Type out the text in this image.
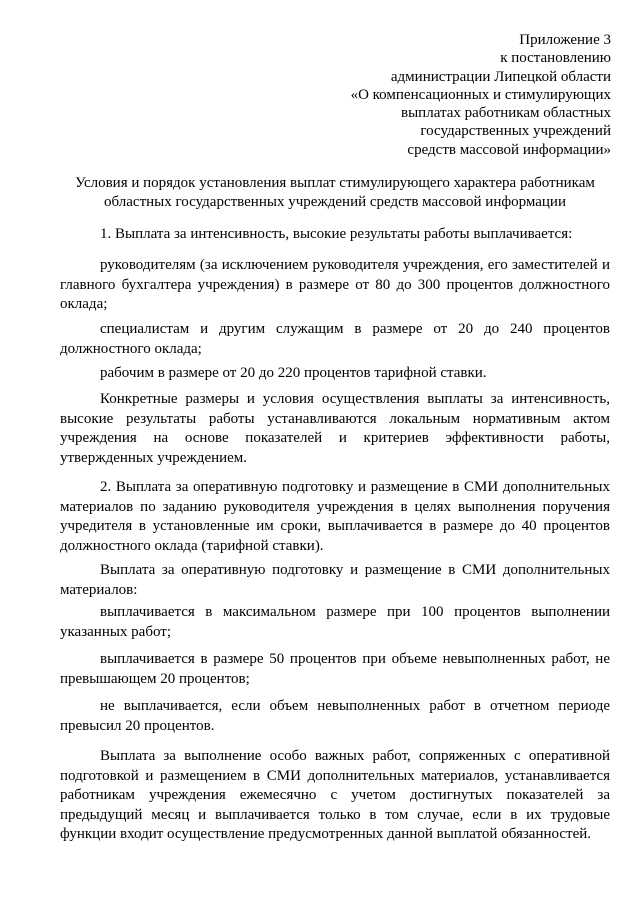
Приложение 3
к постановлению
администрации Липецкой области
«О компенсационных и стимулирующих
выплатах работникам областных
государственных учреждений
средств массовой информации»
Условия и порядок установления выплат стимулирующего характера работникам
областных государственных учреждений средств массовой информации

1. Выплата за интенсивность, высокие результаты работы выплачивается:

руководителям (за исключением руководителя учреждения, его заместителей и главного бухгалтера учреждения) в размере от 80 до 300 процентов должностного оклада;

специалистам и другим служащим в размере от 20 до 240 процентов должностного оклада;

рабочим в размере от 20 до 220 процентов тарифной ставки.

Конкретные размеры и условия осуществления выплаты за интенсивность, высокие результаты работы устанавливаются локальным нормативным актом учреждения на основе показателей и критериев эффективности работы, утвержденных учреждением.

2. Выплата за оперативную подготовку и размещение в СМИ дополнительных материалов по заданию руководителя учреждения в целях выполнения поручения учредителя в установленные им сроки, выплачивается в размере до 40 процентов должностного оклада (тарифной ставки).

Выплата за оперативную подготовку и размещение в СМИ дополнительных материалов:

выплачивается в максимальном размере при 100 процентов выполнении указанных работ;

выплачивается в размере 50 процентов при объеме невыполненных работ, не превышающем 20 процентов;

не выплачивается, если объем невыполненных работ в отчетном периоде превысил 20 процентов.

Выплата за выполнение особо важных работ, сопряженных с оперативной подготовкой и размещением в СМИ дополнительных материалов, устанавливается работникам учреждения ежемесячно с учетом достигнутых показателей за предыдущий месяц и выплачивается только в том случае, если в их трудовые функции входит осуществление предусмотренных данной выплатой обязанностей.
